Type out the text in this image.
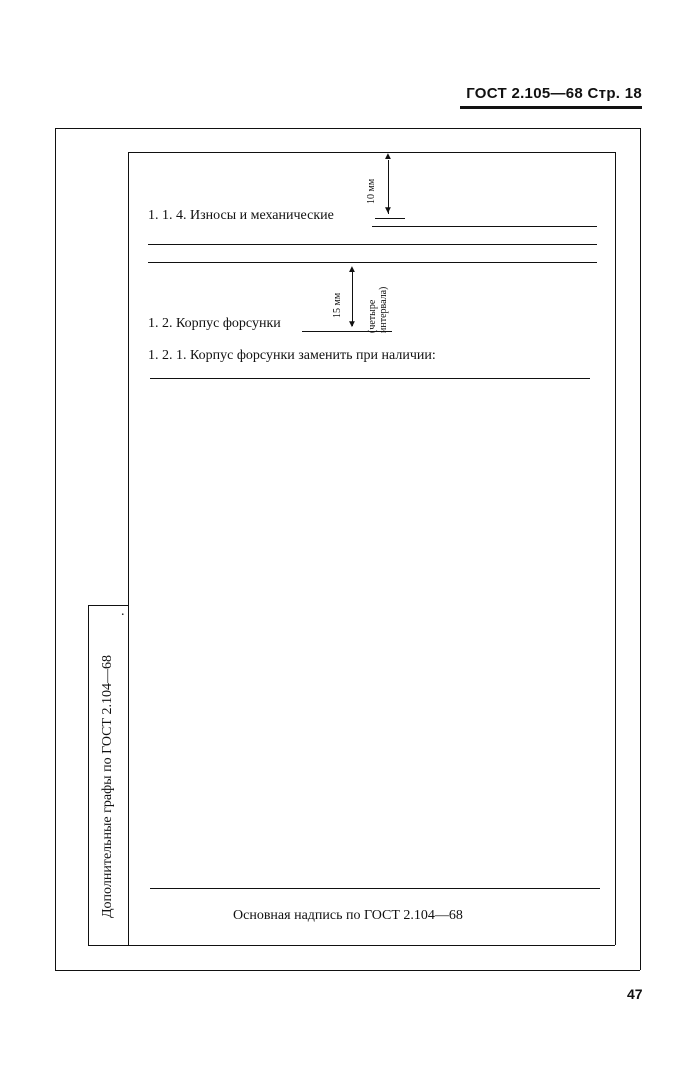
ГОСТ 2.105—68 Стр. 18
Дополнительные графы по ГОСТ 2.104—68
.
1. 1. 4. Износы и механические
▲
▼
10 мм
▲
▼
15 мм (четыре интервала)
1. 2. Корпус форсунки
1. 2. 1. Корпус форсунки заменить при наличии:
Основная надпись по ГОСТ 2.104—68
47
